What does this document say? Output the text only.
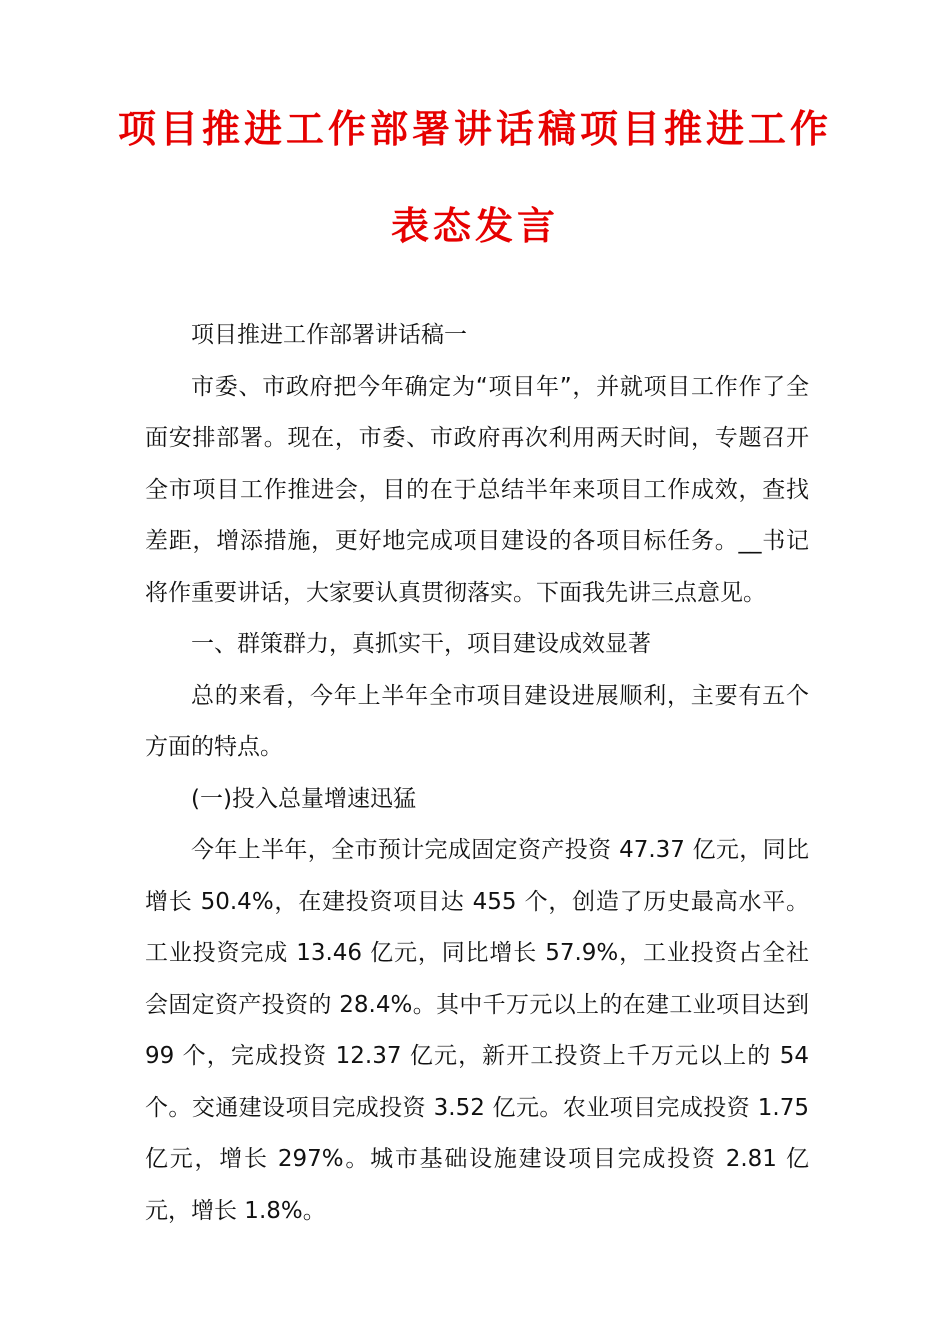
项目推进工作部署讲话稿项目推进工作
表态发言

项目推进工作部署讲话稿一

市委、市政府把今年确定为“项目年”，并就项目工作作了全面安排部署。现在，市委、市政府再次利用两天时间，专题召开全市项目工作推进会，目的在于总结半年来项目工作成效，查找差距，增添措施，更好地完成项目建设的各项目标任务。__书记将作重要讲话，大家要认真贯彻落实。下面我先讲三点意见。

一、群策群力，真抓实干，项目建设成效显著

总的来看，今年上半年全市项目建设进展顺利，主要有五个方面的特点。

(一)投入总量增速迅猛

今年上半年，全市预计完成固定资产投资 47.37 亿元，同比增长 50.4%，在建投资项目达 455 个，创造了历史最高水平。工业投资完成 13.46 亿元，同比增长 57.9%，工业投资占全社会固定资产投资的 28.4%。其中千万元以上的在建工业项目达到 99 个，完成投资 12.37 亿元，新开工投资上千万元以上的 54 个。交通建设项目完成投资 3.52 亿元。农业项目完成投资 1.75 亿元，增长 297%。城市基础设施建设项目完成投资 2.81 亿元，增长 1.8%。
